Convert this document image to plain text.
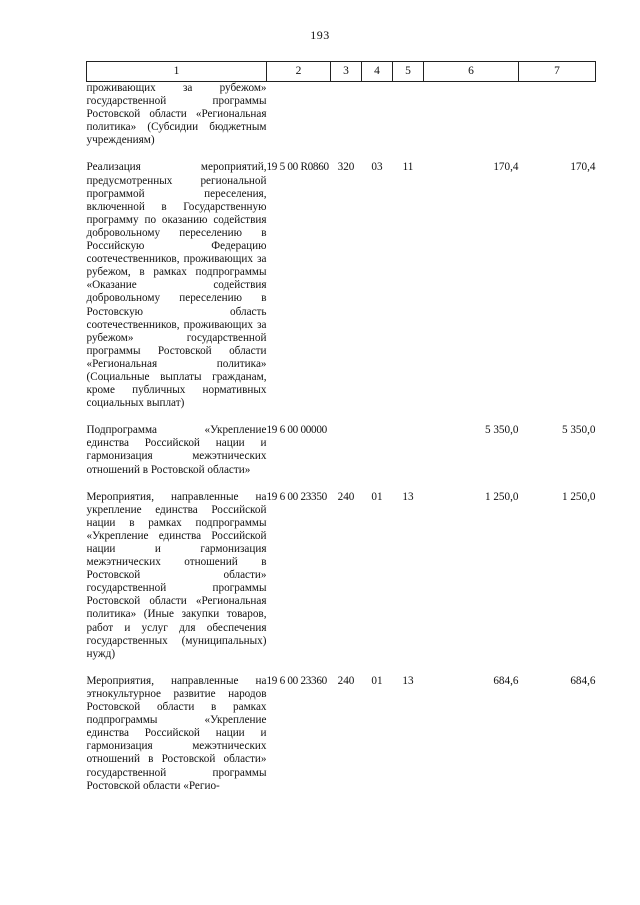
193
1	2	3	4	5	6	7
проживающих за рубежом» государственной программы Ростовской области «Региональная политика» (Субсидии бюджетным учреждениям)						
Реализация мероприятий, предусмотренных региональной программой переселения, включенной в Государственную программу по оказанию содействия добровольному переселению в Российскую Федерацию соотечественников, проживающих за рубежом, в рамках подпрограммы «Оказание содействия добровольному переселению в Ростовскую область соотечественников, проживающих за рубежом» государственной программы Ростовской области «Региональная политика» (Социальные выплаты гражданам, кроме публичных нормативных социальных выплат)	19 5 00 R0860	320	03	11	170,4	170,4
Подпрограмма «Укрепление единства Российской нации и гармонизация межэтнических отношений в Ростовской области»	19 6 00 00000				5 350,0	5 350,0
Мероприятия, направленные на укрепление единства Российской нации в рамках подпрограммы «Укрепление единства Российской нации и гармонизация межэтнических отношений в Ростовской области» государственной программы Ростовской области «Региональная политика» (Иные закупки товаров, работ и услуг для обеспечения государственных (муниципальных) нужд)	19 6 00 23350	240	01	13	1 250,0	1 250,0
Мероприятия, направленные на этнокультурное развитие народов Ростовской области в рамках подпрограммы «Укрепление единства Российской нации и гармонизация межэтнических отношений в Ростовской области» государственной программы Ростовской области «Регио-	19 6 00 23360	240	01	13	684,6	684,6
